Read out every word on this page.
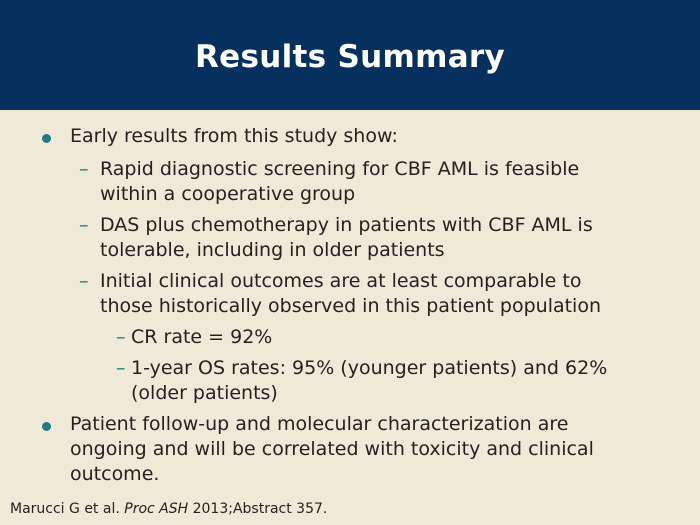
Results Summary
Early results from this study show:
– Rapid diagnostic screening for CBF AML is feasible within a cooperative group
– DAS plus chemotherapy in patients with CBF AML is tolerable, including in older patients
– Initial clinical outcomes are at least comparable to those historically observed in this patient population
– CR rate = 92%
– 1-year OS rates: 95% (younger patients) and 62% (older patients)
Patient follow-up and molecular characterization are ongoing and will be correlated with toxicity and clinical outcome.
Marucci G et al. Proc ASH 2013;Abstract 357.
